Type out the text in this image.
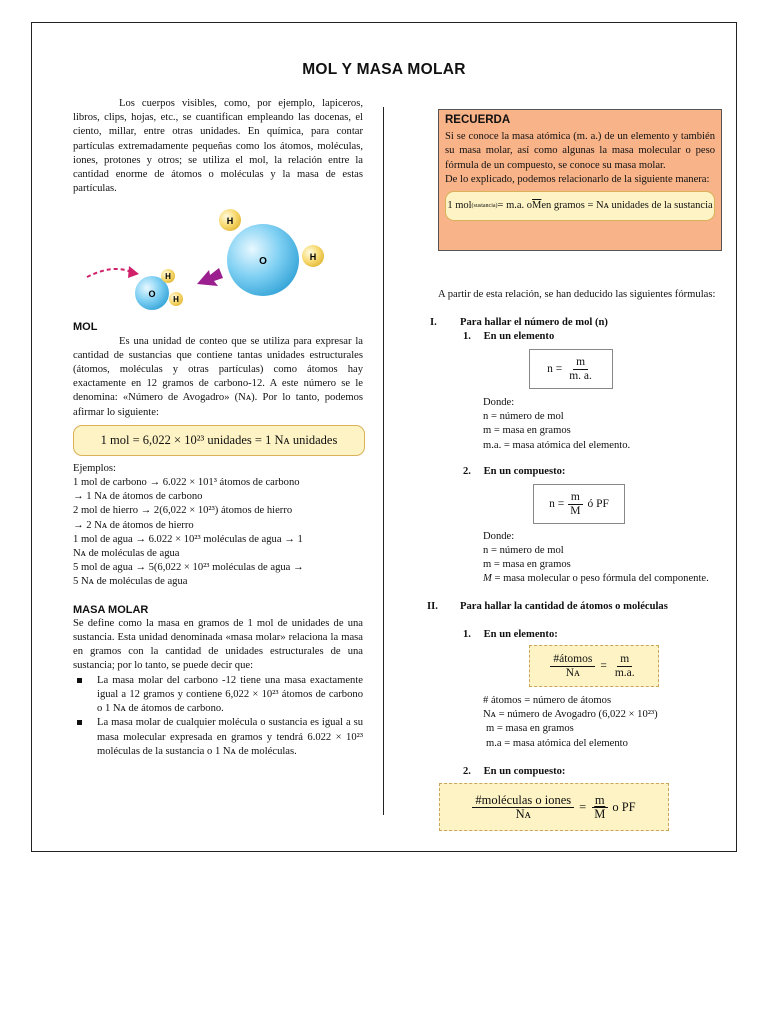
MOL Y MASA MOLAR

Los cuerpos visibles, como, por ejemplo, lapiceros, libros, clips, hojas, etc., se cuantifican empleando las docenas, el ciento, millar, entre otras unidades. En química, para contar partículas extremadamente pequeñas como los átomos, moléculas, iones, protones y otros; se utiliza el mol, la relación entre la cantidad enorme de átomos o moléculas y la masa de estas partículas.

O
H
H
O
H
H

MOL

Es una unidad de conteo que se utiliza para expresar la cantidad de sustancias que contiene tantas unidades estructurales (átomos, moléculas y otras partículas) como átomos hay exactamente en 12 gramos de carbono-12. A este número se le denomina: «Número de Avogadro» (Nᴀ). Por lo tanto, podemos afirmar lo siguiente:

1 mol = 6,022 × 10²³ unidades = 1 Nᴀ unidades

Ejemplos:

1 mol de carbono → 6.022 × 101³ átomos de carbono

→ 1 Nᴀ de átomos de carbono

2 mol de hierro → 2(6,022 × 10²³) átomos de hierro

→ 2 Nᴀ de átomos de hierro

1 mol de agua → 6.022 × 10²³ moléculas de agua → 1

Nᴀ de moléculas de agua

5 mol de agua → 5(6,022 × 10²³ moléculas de agua →

5 Nᴀ de moléculas de agua

MASA MOLAR

Se define como la masa en gramos de 1 mol de unidades de una sustancia. Esta unidad denominada «masa molar» relaciona la masa en gramos con la cantidad de unidades estructurales de una sustancia; por lo tanto, se puede decir que:

La masa molar del carbono -12 tiene una masa exactamente igual a 12 gramos y contiene 6,022 × 10²³ átomos de carbono o 1 Nᴀ de átomos de carbono.
La masa molar de cualquier molécula o sustancia es igual a su masa molecular expresada en gramos y tendrá 6.022 × 10²³ moléculas de la sustancia o 1 Nᴀ de moléculas.
RECUERDA

Si se conoce la masa atómica (m. a.) de un elemento y también su masa molar, así como algunas la masa molecular o peso fórmula de un compuesto, se conoce su masa molar.

De lo explicado, podemos relacionarlo de la siguiente manera:

1 mol (sustancia) = m.a. o $\overline{M}$ en gramos = Nᴀ unidades de la sustancia

A partir de esta relación, se han deducido las siguientes fórmulas:

I. Para hallar el número de mol (n)
1. En un elemento
$n = \frac{m}{m. a.}$

Donde:

n = número de mol

m = masa en gramos

m.a. = masa atómica del elemento.

2. En un compuesto:
$n = \frac{m}{M}$ ó PF

Donde:

n = número de mol

m = masa en gramos

M = masa molecular o peso fórmula del componente.

II. Para hallar la cantidad de átomos o moléculas
1. En un elemento:
$\frac{\text{\#átomos}}{\text{Nᴀ}} = \frac{m}{m.a.}$

# átomos = número de átomos

Nᴀ = número de Avogadro (6,022 × 10²³)

m = masa en gramos

m.a = masa atómica del elemento

2. En un compuesto:
$\frac{\text{\#moléculas o iones}}{\text{Nᴀ}} = \frac{m}{M}$ o PF
